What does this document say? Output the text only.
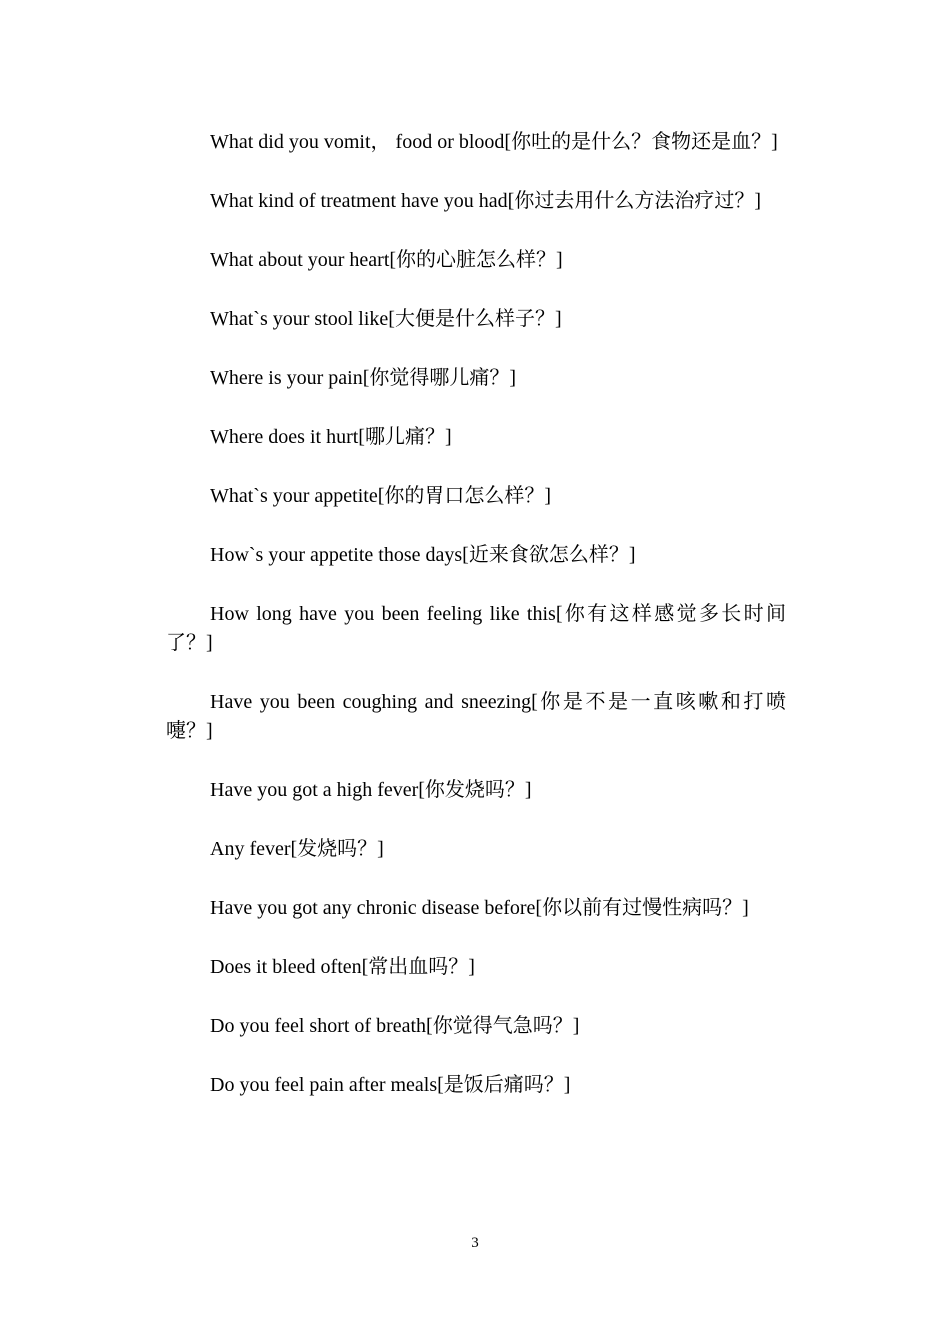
What did you vomit， food or blood[你吐的是什么？食物还是血？]

What kind of treatment have you had[你过去用什么方法治疗过？]

What about your heart[你的心脏怎么样？]

What`s your stool like[大便是什么样子？]

Where is your pain[你觉得哪儿痛？]

Where does it hurt[哪儿痛？]

What`s your appetite[你的胃口怎么样？]

How`s your appetite those days[近来食欲怎么样？]

How long have you been feeling like this[你有这样感觉多长时间了？]

Have you been coughing and sneezing[你是不是一直咳嗽和打喷嚏？]

Have you got a high fever[你发烧吗？]

Any fever[发烧吗？]

Have you got any chronic disease before[你以前有过慢性病吗？]

Does it bleed often[常出血吗？]

Do you feel short of breath[你觉得气急吗？]

Do you feel pain after meals[是饭后痛吗？]

3
